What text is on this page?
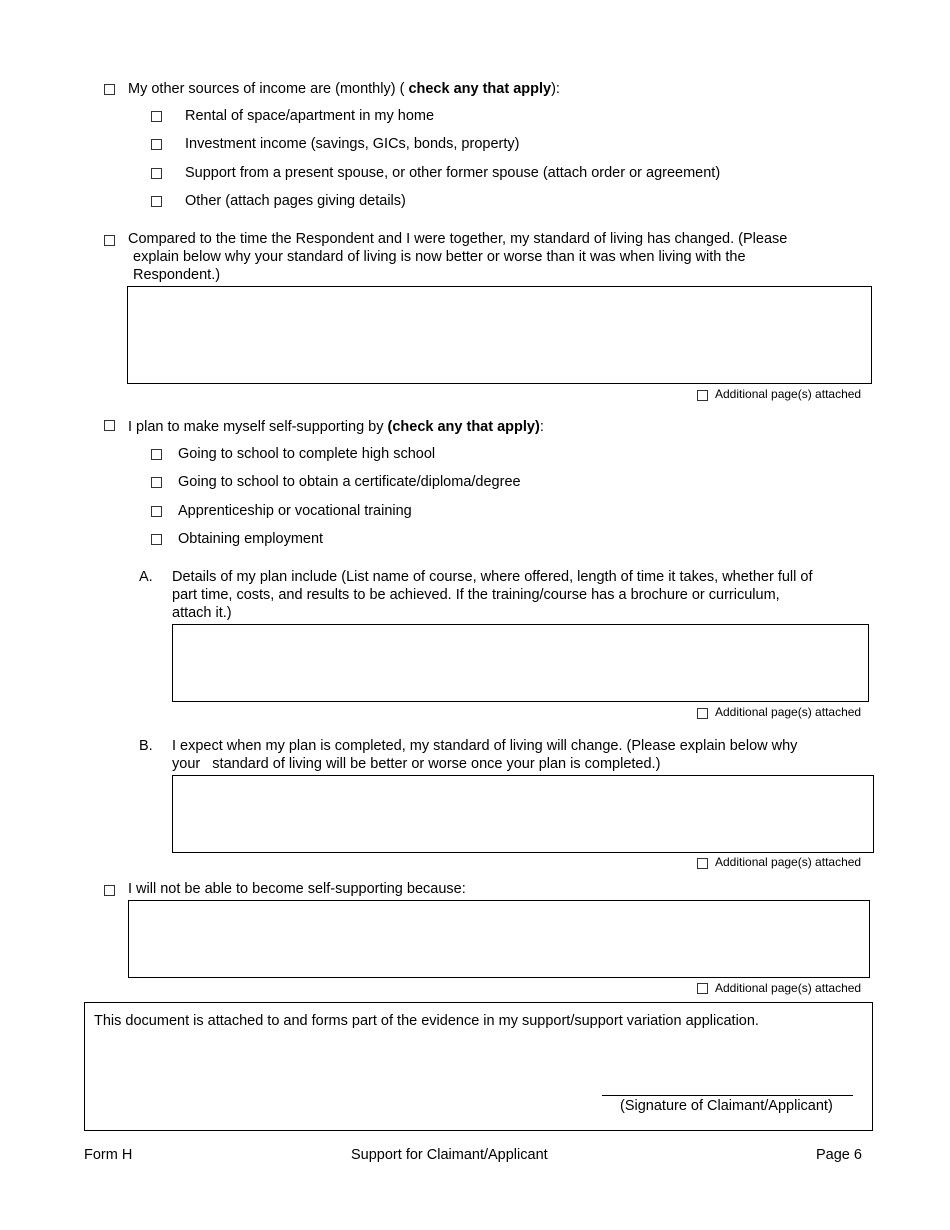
My other sources of income are (monthly) ( check any that apply):
Rental of space/apartment in my home
Investment income (savings, GICs, bonds, property)
Support from a present spouse, or other former spouse (attach order or agreement)
Other (attach pages giving details)
Compared to the time the Respondent and I were together, my standard of living has changed. (Please
explain below why your standard of living is now better or worse than it was when living with the
Respondent.)
Additional page(s) attached
I plan to make myself self-supporting by (check any that apply):
Going to school to complete high school
Going to school to obtain a certificate/diploma/degree
Apprenticeship or vocational training
Obtaining employment
A. Details of my plan include (List name of course, where offered, length of time it takes, whether full of
part time, costs, and results to be achieved. If the training/course has a brochure or curriculum,
attach it.)
Additional page(s) attached
B. I expect when my plan is completed, my standard of living will change. (Please explain below why
your   standard of living will be better or worse once your plan is completed.)
Additional page(s) attached
I will not be able to become self-supporting because:
Additional page(s) attached
This document is attached to and forms part of the evidence in my support/support variation application.
(Signature of Claimant/Applicant)
Form H	Support for Claimant/Applicant	Page 6
